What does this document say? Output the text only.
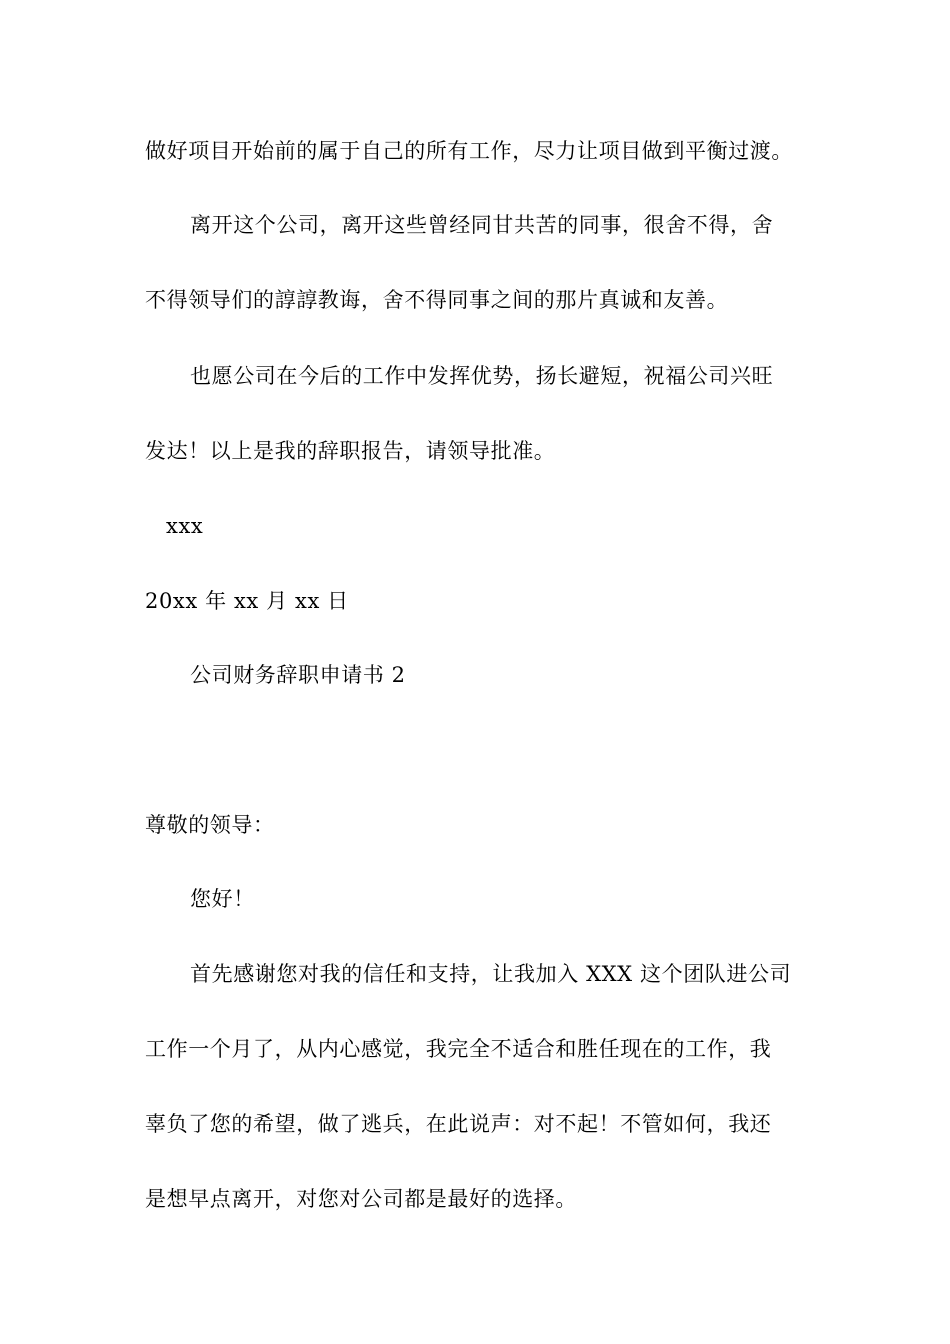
做好项目开始前的属于自己的所有工作，尽力让项目做到平衡过渡。
离开这个公司，离开这些曾经同甘共苦的同事，很舍不得，舍
不得领导们的諄諄教诲，舍不得同事之间的那片真诚和友善。
也愿公司在今后的工作中发挥优势，扬长避短，祝福公司兴旺
发达！以上是我的辞职报告，请领导批准。
xxx
20xx 年 xx 月 xx 日
公司财务辞职申请书 2
尊敬的领导：
您好！
首先感谢您对我的信任和支持，让我加入 XXX 这个团队进公司
工作一个月了，从内心感觉，我完全不适合和胜任现在的工作，我
辜负了您的希望，做了逃兵，在此说声：对不起！不管如何，我还
是想早点离开，对您对公司都是最好的选择。
